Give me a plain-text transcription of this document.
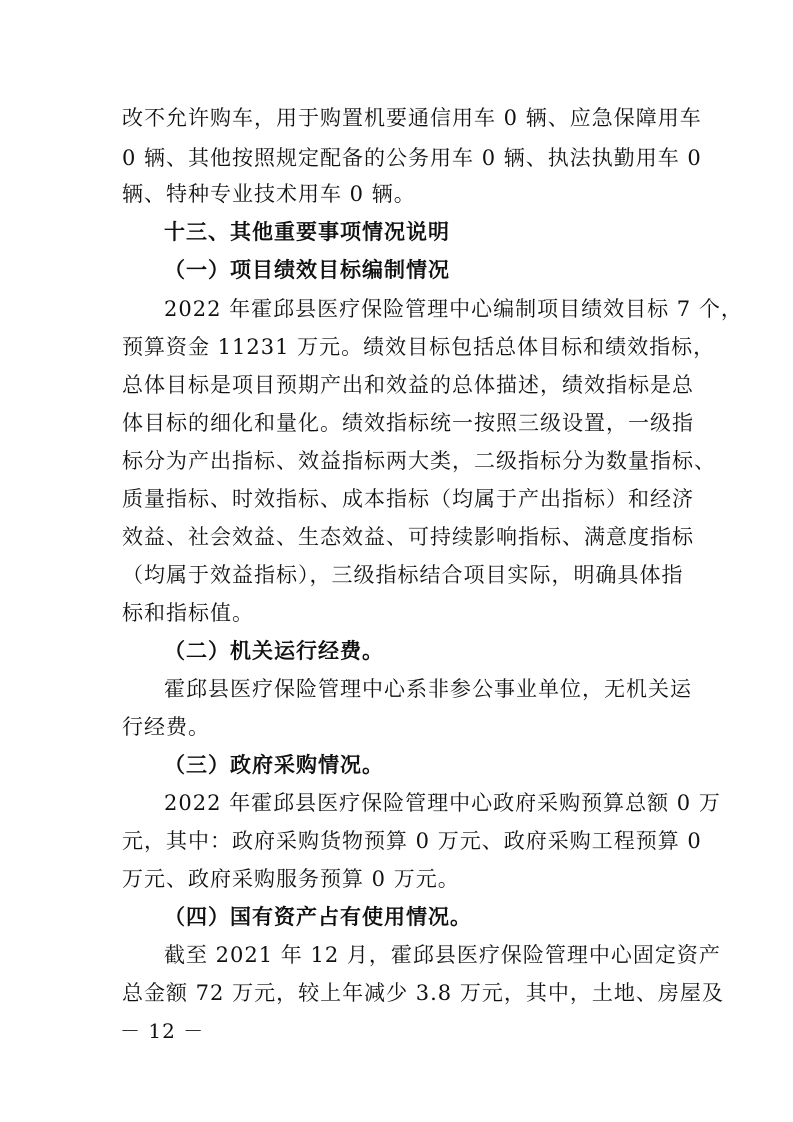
改不允许购车，用于购置机要通信用车 0 辆、应急保障用车
0 辆、其他按照规定配备的公务用车 0 辆、执法执勤用车 0
辆、特种专业技术用车 0 辆。
十三、其他重要事项情况说明
（一）项目绩效目标编制情况
2022 年霍邱县医疗保险管理中心编制项目绩效目标 7 个，
预算资金 11231 万元。绩效目标包括总体目标和绩效指标，
总体目标是项目预期产出和效益的总体描述，绩效指标是总
体目标的细化和量化。绩效指标统一按照三级设置，一级指
标分为产出指标、效益指标两大类，二级指标分为数量指标、
质量指标、时效指标、成本指标（均属于产出指标）和经济
效益、社会效益、生态效益、可持续影响指标、满意度指标
（均属于效益指标），三级指标结合项目实际，明确具体指
标和指标值。
（二）机关运行经费。
霍邱县医疗保险管理中心系非参公事业单位，无机关运
行经费。
（三）政府采购情况。
2022 年霍邱县医疗保险管理中心政府采购预算总额 0 万
元，其中：政府采购货物预算 0 万元、政府采购工程预算 0
万元、政府采购服务预算 0 万元。
（四）国有资产占有使用情况。
截至 2021 年 12 月，霍邱县医疗保险管理中心固定资产
总金额 72 万元，较上年减少 3.8 万元，其中，土地、房屋及
－ 12 －
